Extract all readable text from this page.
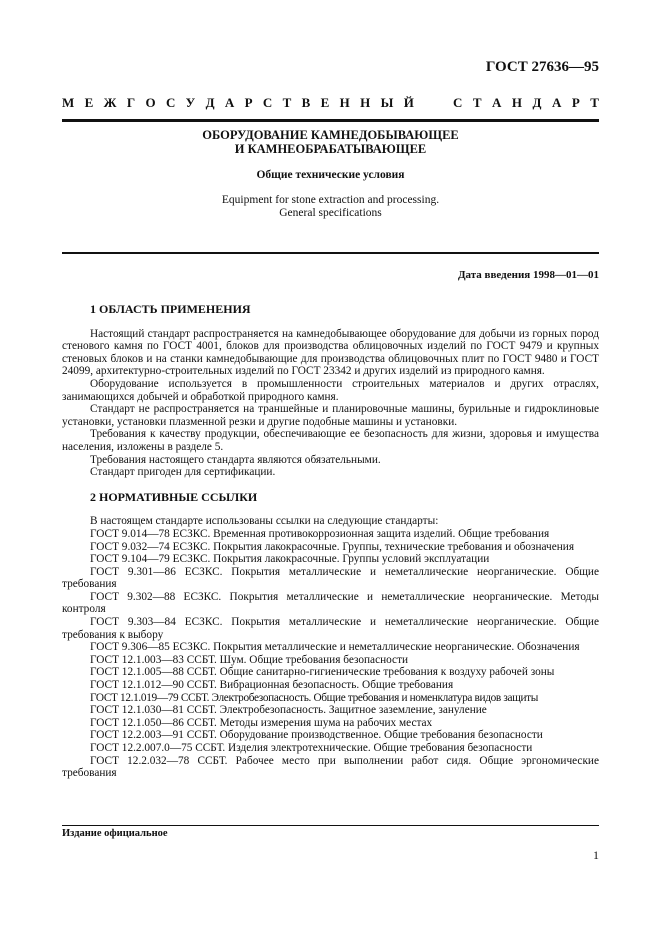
ГОСТ 27636—95
М Е Ж Г О С У Д А Р С Т В Е Н Н Ы Й	С Т А Н Д А Р Т
ОБОРУДОВАНИЕ КАМНЕДОБЫВАЮЩЕЕ
И КАМНЕОБРАБАТЫВАЮЩЕЕ
Общие технические условия
Equipment for stone extraction and processing.
General specifications
Дата введения 1998—01—01
1 ОБЛАСТЬ ПРИМЕНЕНИЯ

Настоящий стандарт распространяется на камнедобывающее оборудование для добычи из горных пород стенового камня по ГОСТ 4001, блоков для производства облицовочных изделий по ГОСТ 9479 и крупных стеновых блоков и на станки камнедобывающие для производства облицовочных плит по ГОСТ 9480 и ГОСТ 24099, архитектурно-строительных изделий по ГОСТ 23342 и других изделий из природного камня.

Оборудование используется в промышленности строительных материалов и других отраслях, занимающихся добычей и обработкой природного камня.

Стандарт не распространяется на траншейные и планировочные машины, бурильные и гидроклиновые установки, установки плазменной резки и другие подобные машины и установки.

Требования к качеству продукции, обеспечивающие ее безопасность для жизни, здоровья и имущества населения, изложены в разделе 5.

Требования настоящего стандарта являются обязательными.

Стандарт пригоден для сертификации.

2 НОРМАТИВНЫЕ ССЫЛКИ

В настоящем стандарте использованы ссылки на следующие стандарты:

ГОСТ 9.014—78 ЕСЗКС. Временная противокоррозионная защита изделий. Общие требования

ГОСТ 9.032—74 ЕСЗКС. Покрытия лакокрасочные. Группы, технические требования и обозначения

ГОСТ 9.104—79 ЕСЗКС. Покрытия лакокрасочные. Группы условий эксплуатации

ГОСТ 9.301—86 ЕСЗКС. Покрытия металлические и неметаллические неорганические. Общие требования

ГОСТ 9.302—88 ЕСЗКС. Покрытия металлические и неметаллические неорганические. Методы контроля

ГОСТ 9.303—84 ЕСЗКС. Покрытия металлические и неметаллические неорганические. Общие требования к выбору

ГОСТ 9.306—85 ЕСЗКС. Покрытия металлические и неметаллические неорганические. Обозначения

ГОСТ 12.1.003—83 ССБТ. Шум. Общие требования безопасности

ГОСТ 12.1.005—88 ССБТ. Общие санитарно-гигиенические требования к воздуху рабочей зоны

ГОСТ 12.1.012—90 ССБТ. Вибрационная безопасность. Общие требования

ГОСТ 12.1.019—79 ССБТ. Электробезопасность. Общие требования и номенклатура видов защиты

ГОСТ 12.1.030—81 ССБТ. Электробезопасность. Защитное заземление, зануление

ГОСТ 12.1.050—86 ССБТ. Методы измерения шума на рабочих местах

ГОСТ 12.2.003—91 ССБТ. Оборудование производственное. Общие требования безопасности

ГОСТ 12.2.007.0—75 ССБТ. Изделия электротехнические. Общие требования безопасности

ГОСТ 12.2.032—78 ССБТ. Рабочее место при выполнении работ сидя. Общие эргономические требования

Издание официальное
1
